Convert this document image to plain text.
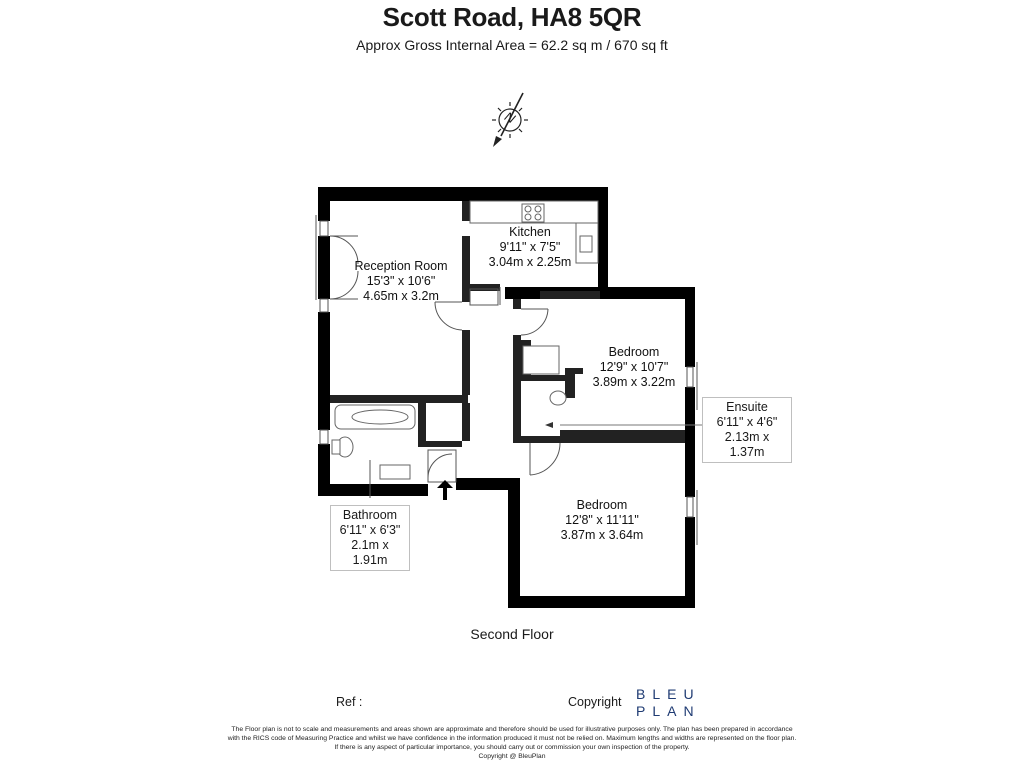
Scott Road, HA8 5QR
Approx Gross Internal Area = 62.2 sq m / 670 sq ft
Reception Room
15'3" x 10'6"
4.65m x 3.2m
Kitchen
9'11" x 7'5"
3.04m x 2.25m
Bedroom
12'9" x 10'7"
3.89m x 3.22m
Ensuite
6'11" x 4'6"
2.13m x 1.37m
Bathroom
6'11" x 6'3"
2.1m x 1.91m
Bedroom
12'8" x 11'11"
3.87m x 3.64m
N
Second Floor
Ref :	Copyright BLEU
PLAN
The Floor plan is not to scale and measurements and areas shown are approximate and therefore should be used for illustrative purposes only. The plan has been prepared in accordance
with the RICS code of Measuring Practice and whilst we have confidence in the information produced it must not be relied on. Maximum lengths and widths are represented on the floor plan.
If there is any aspect of particular importance, you should carry out or commission your own inspection of the property.
Copyright @ BleuPlan
